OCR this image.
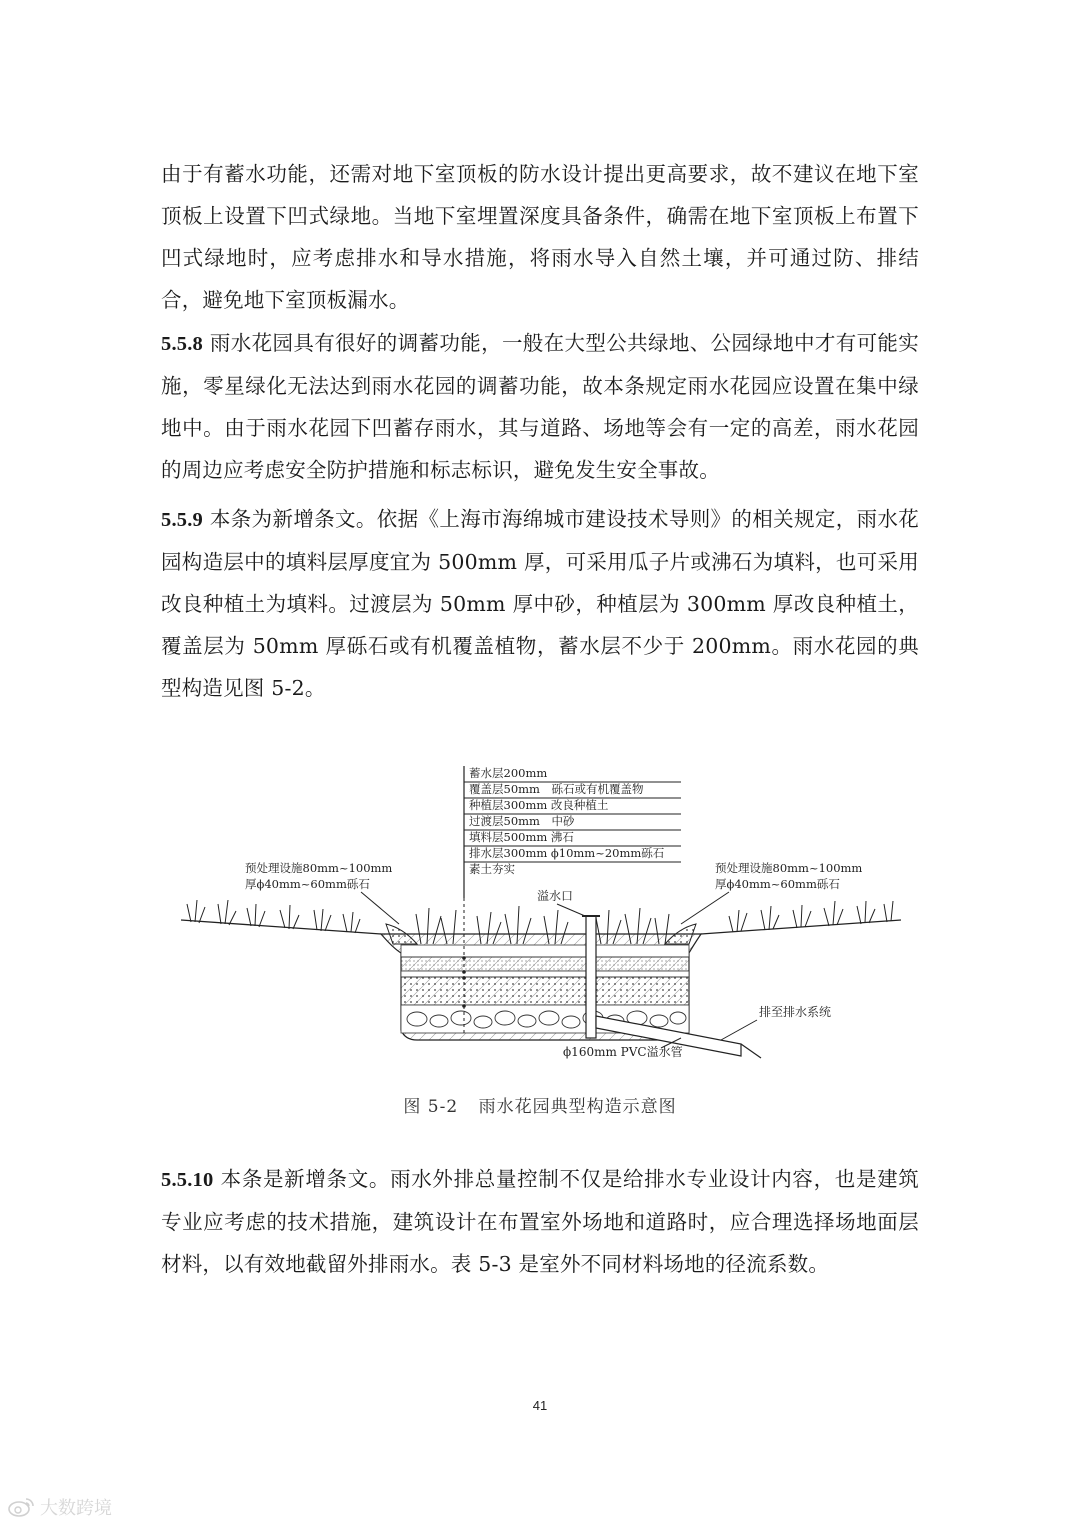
由于有蓄水功能，还需对地下室顶板的防水设计提出更高要求，故不建议在地下室顶板上设置下凹式绿地。当地下室埋置深度具备条件，确需在地下室顶板上布置下凹式绿地时，应考虑排水和导水措施，将雨水导入自然土壤，并可通过防、排结合，避免地下室顶板漏水。

5.5.8 雨水花园具有很好的调蓄功能，一般在大型公共绿地、公园绿地中才有可能实施，零星绿化无法达到雨水花园的调蓄功能，故本条规定雨水花园应设置在集中绿地中。由于雨水花园下凹蓄存雨水，其与道路、场地等会有一定的高差，雨水花园的周边应考虑安全防护措施和标志标识，避免发生安全事故。

5.5.9 本条为新增条文。依据《上海市海绵城市建设技术导则》的相关规定，雨水花园构造层中的填料层厚度宜为 500mm 厚，可采用瓜子片或沸石为填料，也可采用改良种植土为填料。过渡层为 50mm 厚中砂，种植层为 300mm 厚改良种植土，覆盖层为 50mm 厚砾石或有机覆盖植物，蓄水层不少于 200mm。雨水花园的典型构造见图 5-2。

蓄水层200mm
覆盖层50mm　砾石或有机覆盖物
种植层300mm 改良种植土
过渡层50mm　中砂
填料层500mm 沸石
排水层300mm ϕ10mm~20mm砾石
素土夯实
预处理设施80mm~100mm
厚ϕ40mm~60mm砾石
预处理设施80mm~100mm
厚ϕ40mm~60mm砾石
溢水口
排至排水系统
ϕ160mm PVC溢水管
图 5-2 雨水花园典型构造示意图

5.5.10 本条是新增条文。雨水外排总量控制不仅是给排水专业设计内容，也是建筑专业应考虑的技术措施，建筑设计在布置室外场地和道路时，应合理选择场地面层材料，以有效地截留外排雨水。表 5-3 是室外不同材料场地的径流系数。

41
大数跨境
